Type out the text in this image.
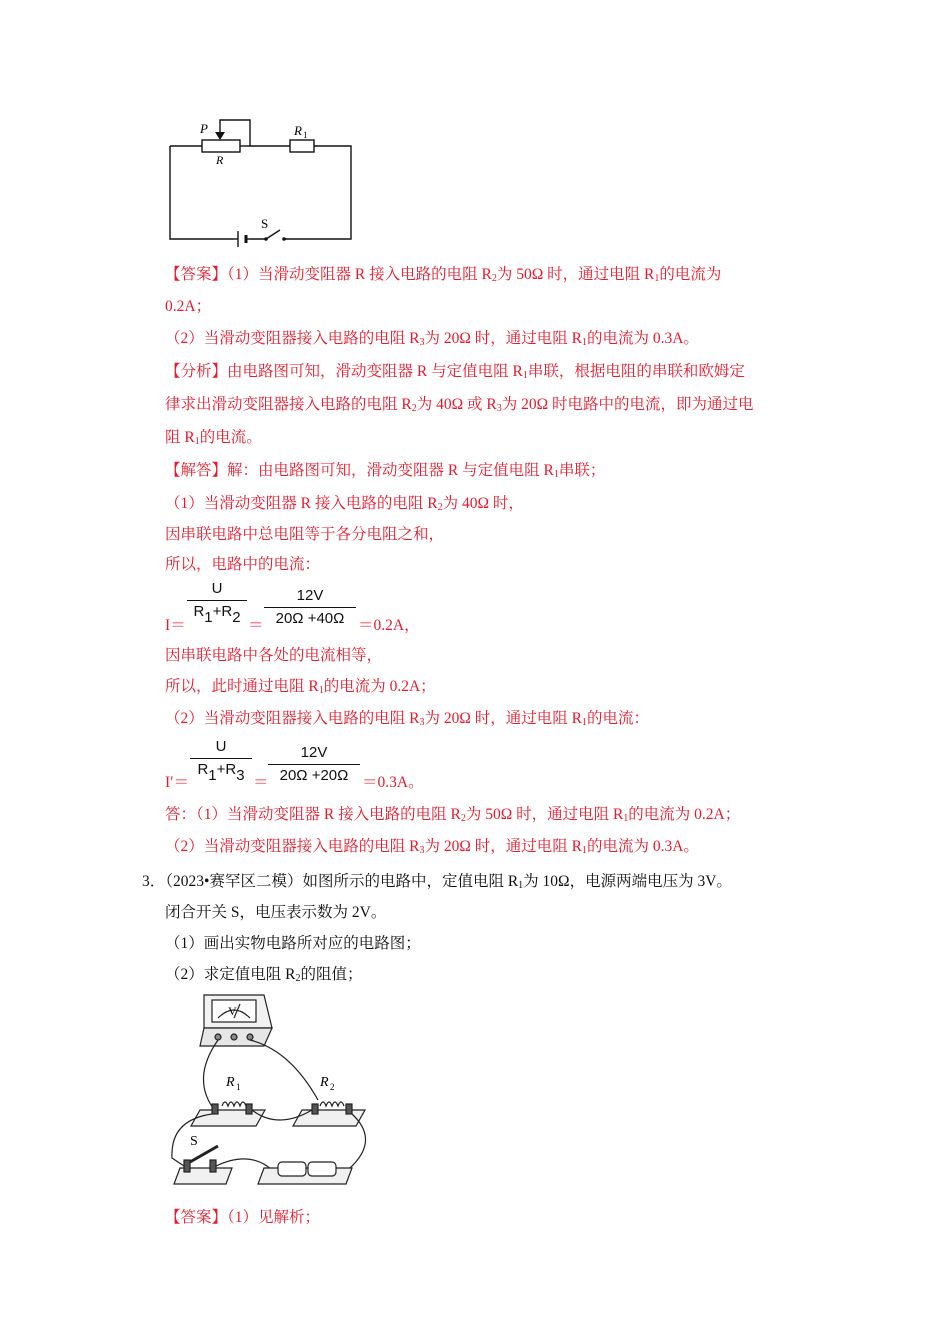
P
R
R 1
S
【答案】（1）当滑动变阻器 R 接入电路的电阻 $R_2$为 50Ω 时，通过电阻 $R_1$的电流为
0.2A；
（2）当滑动变阻器接入电路的电阻 $R_3$为 20Ω 时，通过电阻 $R_1$的电流为 0.3A。
【分析】由电路图可知，滑动变阻器 R 与定值电阻 $R_1$串联，根据电阻的串联和欧姆定
律求出滑动变阻器接入电路的电阻 $R_2$为 40Ω 或 $R_3$为 20Ω 时电路中的电流，即为通过电
阻 $R_1$的电流。
【解答】解：由电路图可知，滑动变阻器 R 与定值电阻 $R_1$串联；
（1）当滑动变阻器 R 接入电路的电阻 $R_2$为 40Ω 时，
因串联电路中总电阻等于各分电阻之和，
所以，电路中的电流：
I＝
U
$R_1+R_2$ ＝
12V
20Ω +40Ω ＝0.2A，
因串联电路中各处的电流相等，
所以，此时通过电阻 $R_1$的电流为 0.2A；
（2）当滑动变阻器接入电路的电阻 $R_3$为 20Ω 时，通过电阻 $R_1$的电流：
I′＝
U
$R_1+R_3$ ＝
12V
20Ω +20Ω ＝0.3A。
答：（1）当滑动变阻器 R 接入电路的电阻 $R_2$为 50Ω 时，通过电阻 $R_1$的电流为 0.2A；
（2）当滑动变阻器接入电路的电阻 $R_3$为 20Ω 时，通过电阻 $R_1$的电流为 0.3A。
3．（2023•赛罕区二模）如图所示的电路中，定值电阻 $R_1$为 10Ω，电源两端电压为 3V。
闭合开关 S，电压表示数为 2V。
（1）画出实物电路所对应的电路图；
（2）求定值电阻 $R_2$的阻值；
V
R 1	R 2
S
【答案】（1）见解析；
